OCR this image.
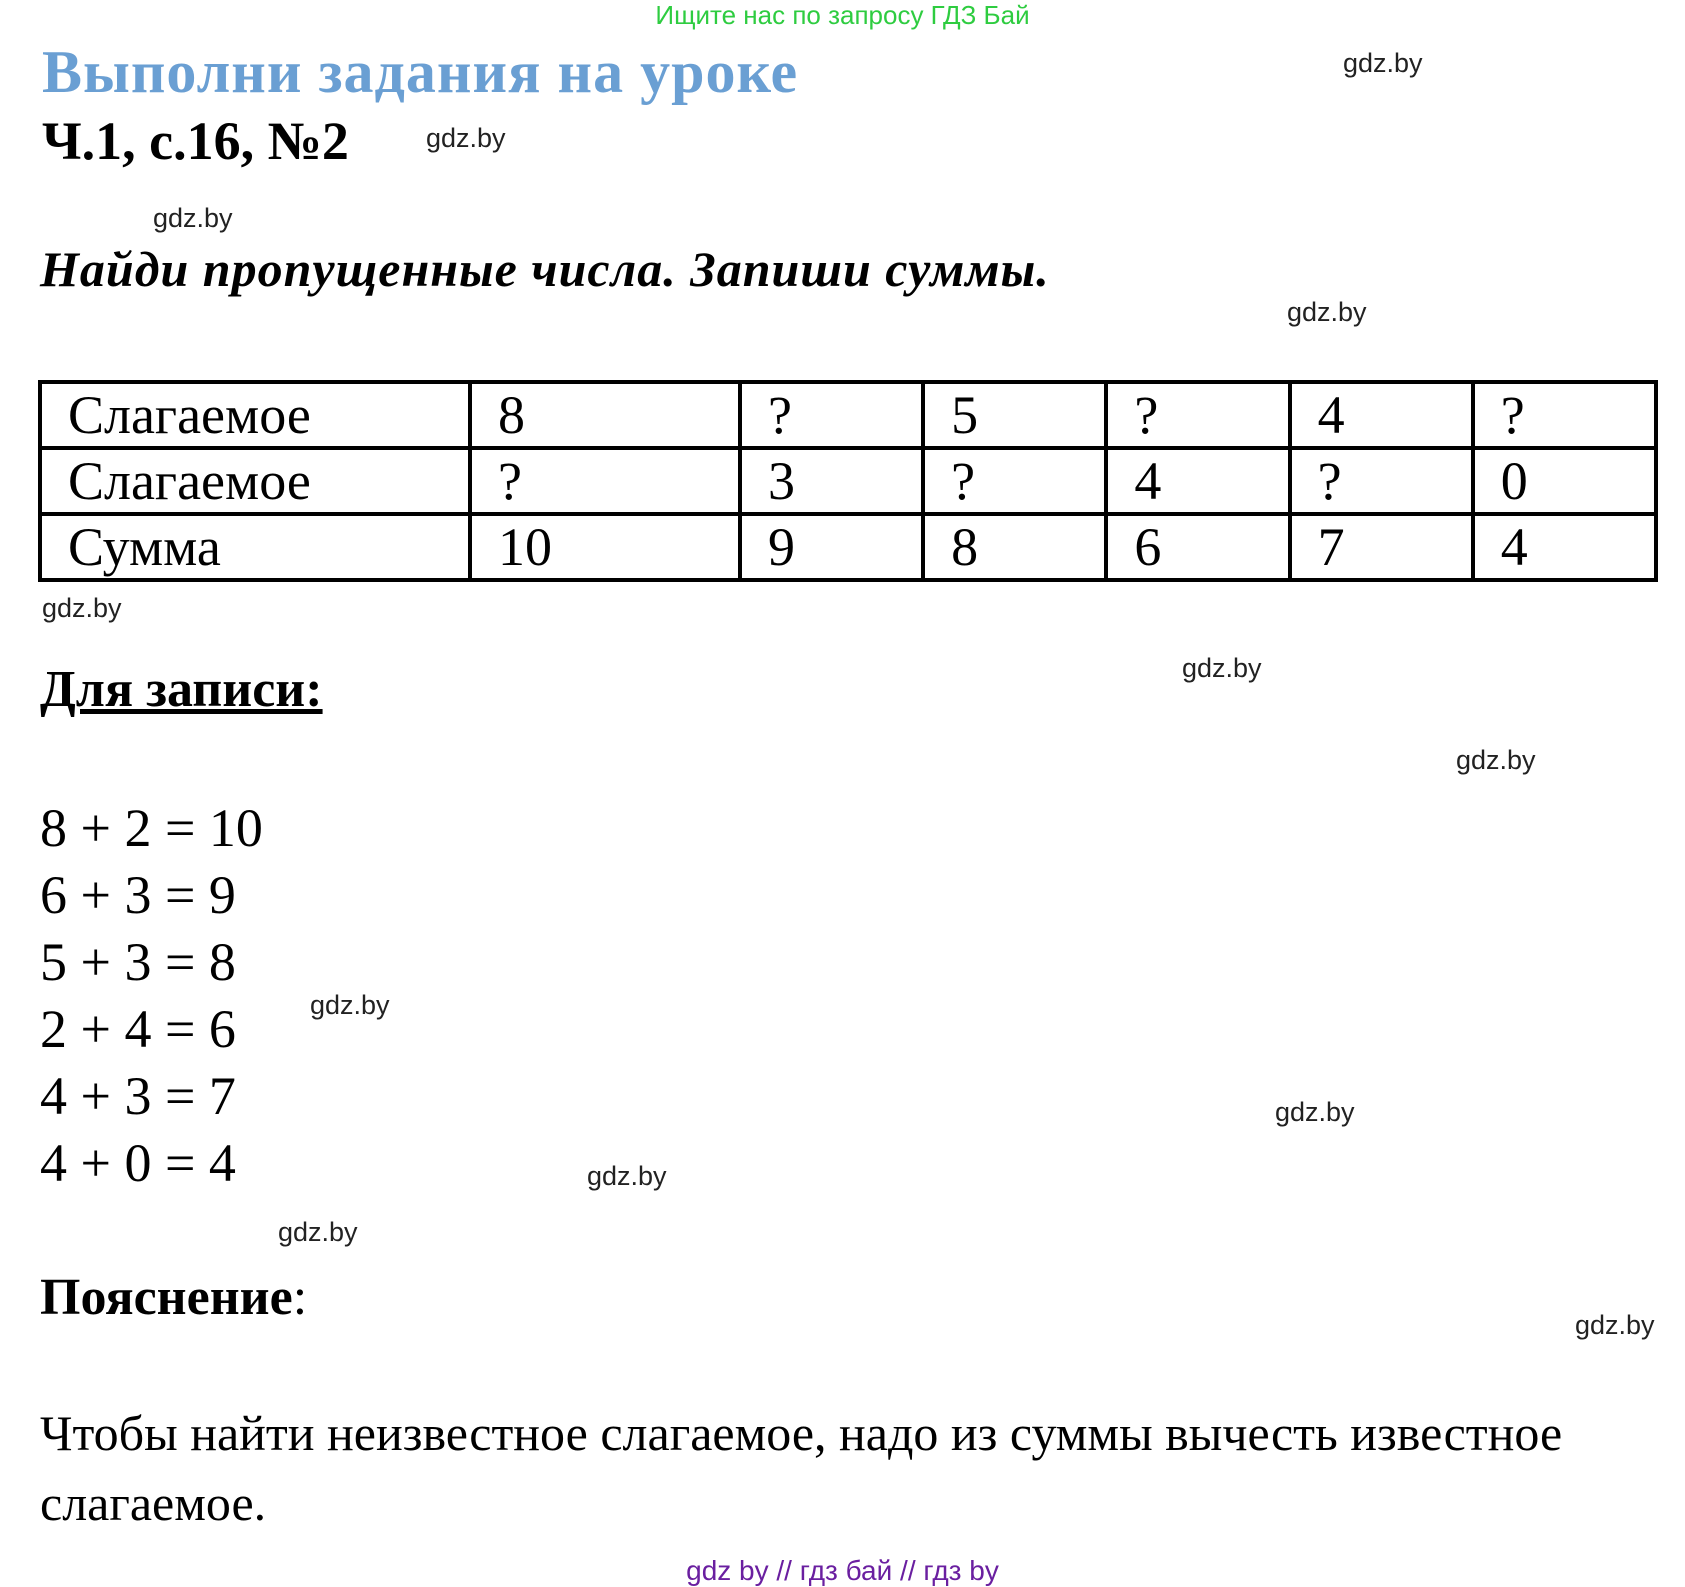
Ищите нас по запросу ГДЗ Бай
Выполни задания на уроке
Ч.1, с.16, №2
Найди пропущенные числа. Запиши суммы.
Слагаемое	8	?	5	?	4	?
Слагаемое	?	3	?	4	?	0
Сумма	10	9	8	6	7	4
Для записи:
8 + 2 = 10
6 + 3 = 9
5 + 3 = 8
2 + 4 = 6
4 + 3 = 7
4 + 0 = 4
Пояснение:
Чтобы найти неизвестное слагаемое, надо из суммы вычесть известное слагаемое.
gdz.by
gdz.by
gdz.by
gdz.by
gdz.by
gdz.by
gdz.by
gdz.by
gdz.by
gdz.by
gdz.by
gdz.by
gdz by // гдз бай // гдз by
